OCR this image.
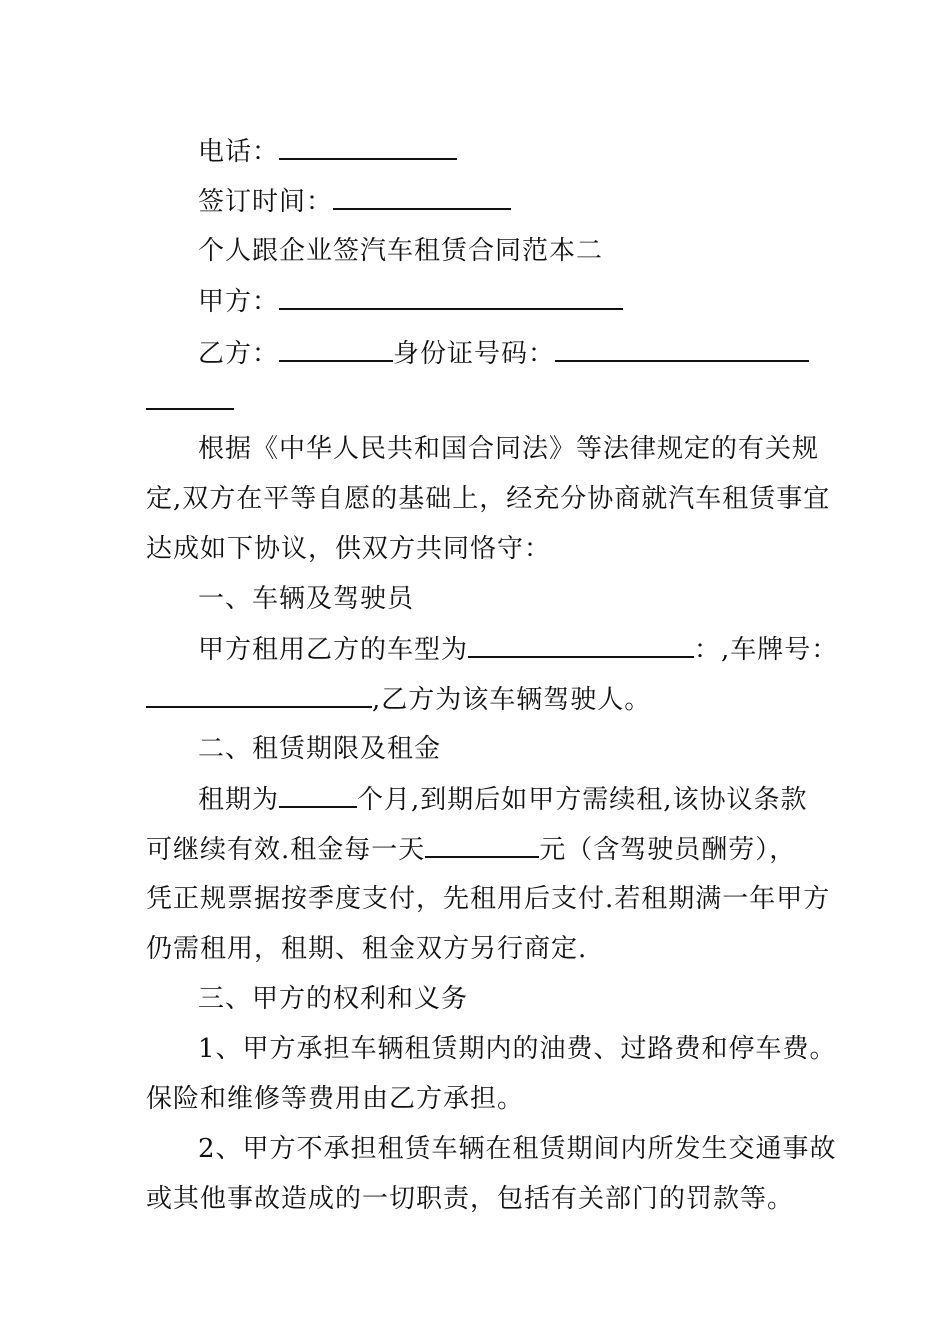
电话：
签订时间：
个人跟企业签汽车租赁合同范本二
甲方：
乙方：	身份证号码：
根据《中华人民共和国合同法》等法律规定的有关规
定,双方在平等自愿的基础上，经充分协商就汽车租赁事宜
达成如下协议，供双方共同恪守：
一、车辆及驾驶员
甲方租用乙方的车型为	：,车牌号：
,乙方为该车辆驾驶人。
二、租赁期限及租金
租期为	个月,到期后如甲方需续租,该协议条款
可继续有效.租金每一天	元（含驾驶员酬劳），
凭正规票据按季度支付，先租用后支付.若租期满一年甲方
仍需租用，租期、租金双方另行商定.
三、甲方的权利和义务
1、甲方承担车辆租赁期内的油费、过路费和停车费。
保险和维修等费用由乙方承担。
2、甲方不承担租赁车辆在租赁期间内所发生交通事故
或其他事故造成的一切职责，包括有关部门的罚款等。
